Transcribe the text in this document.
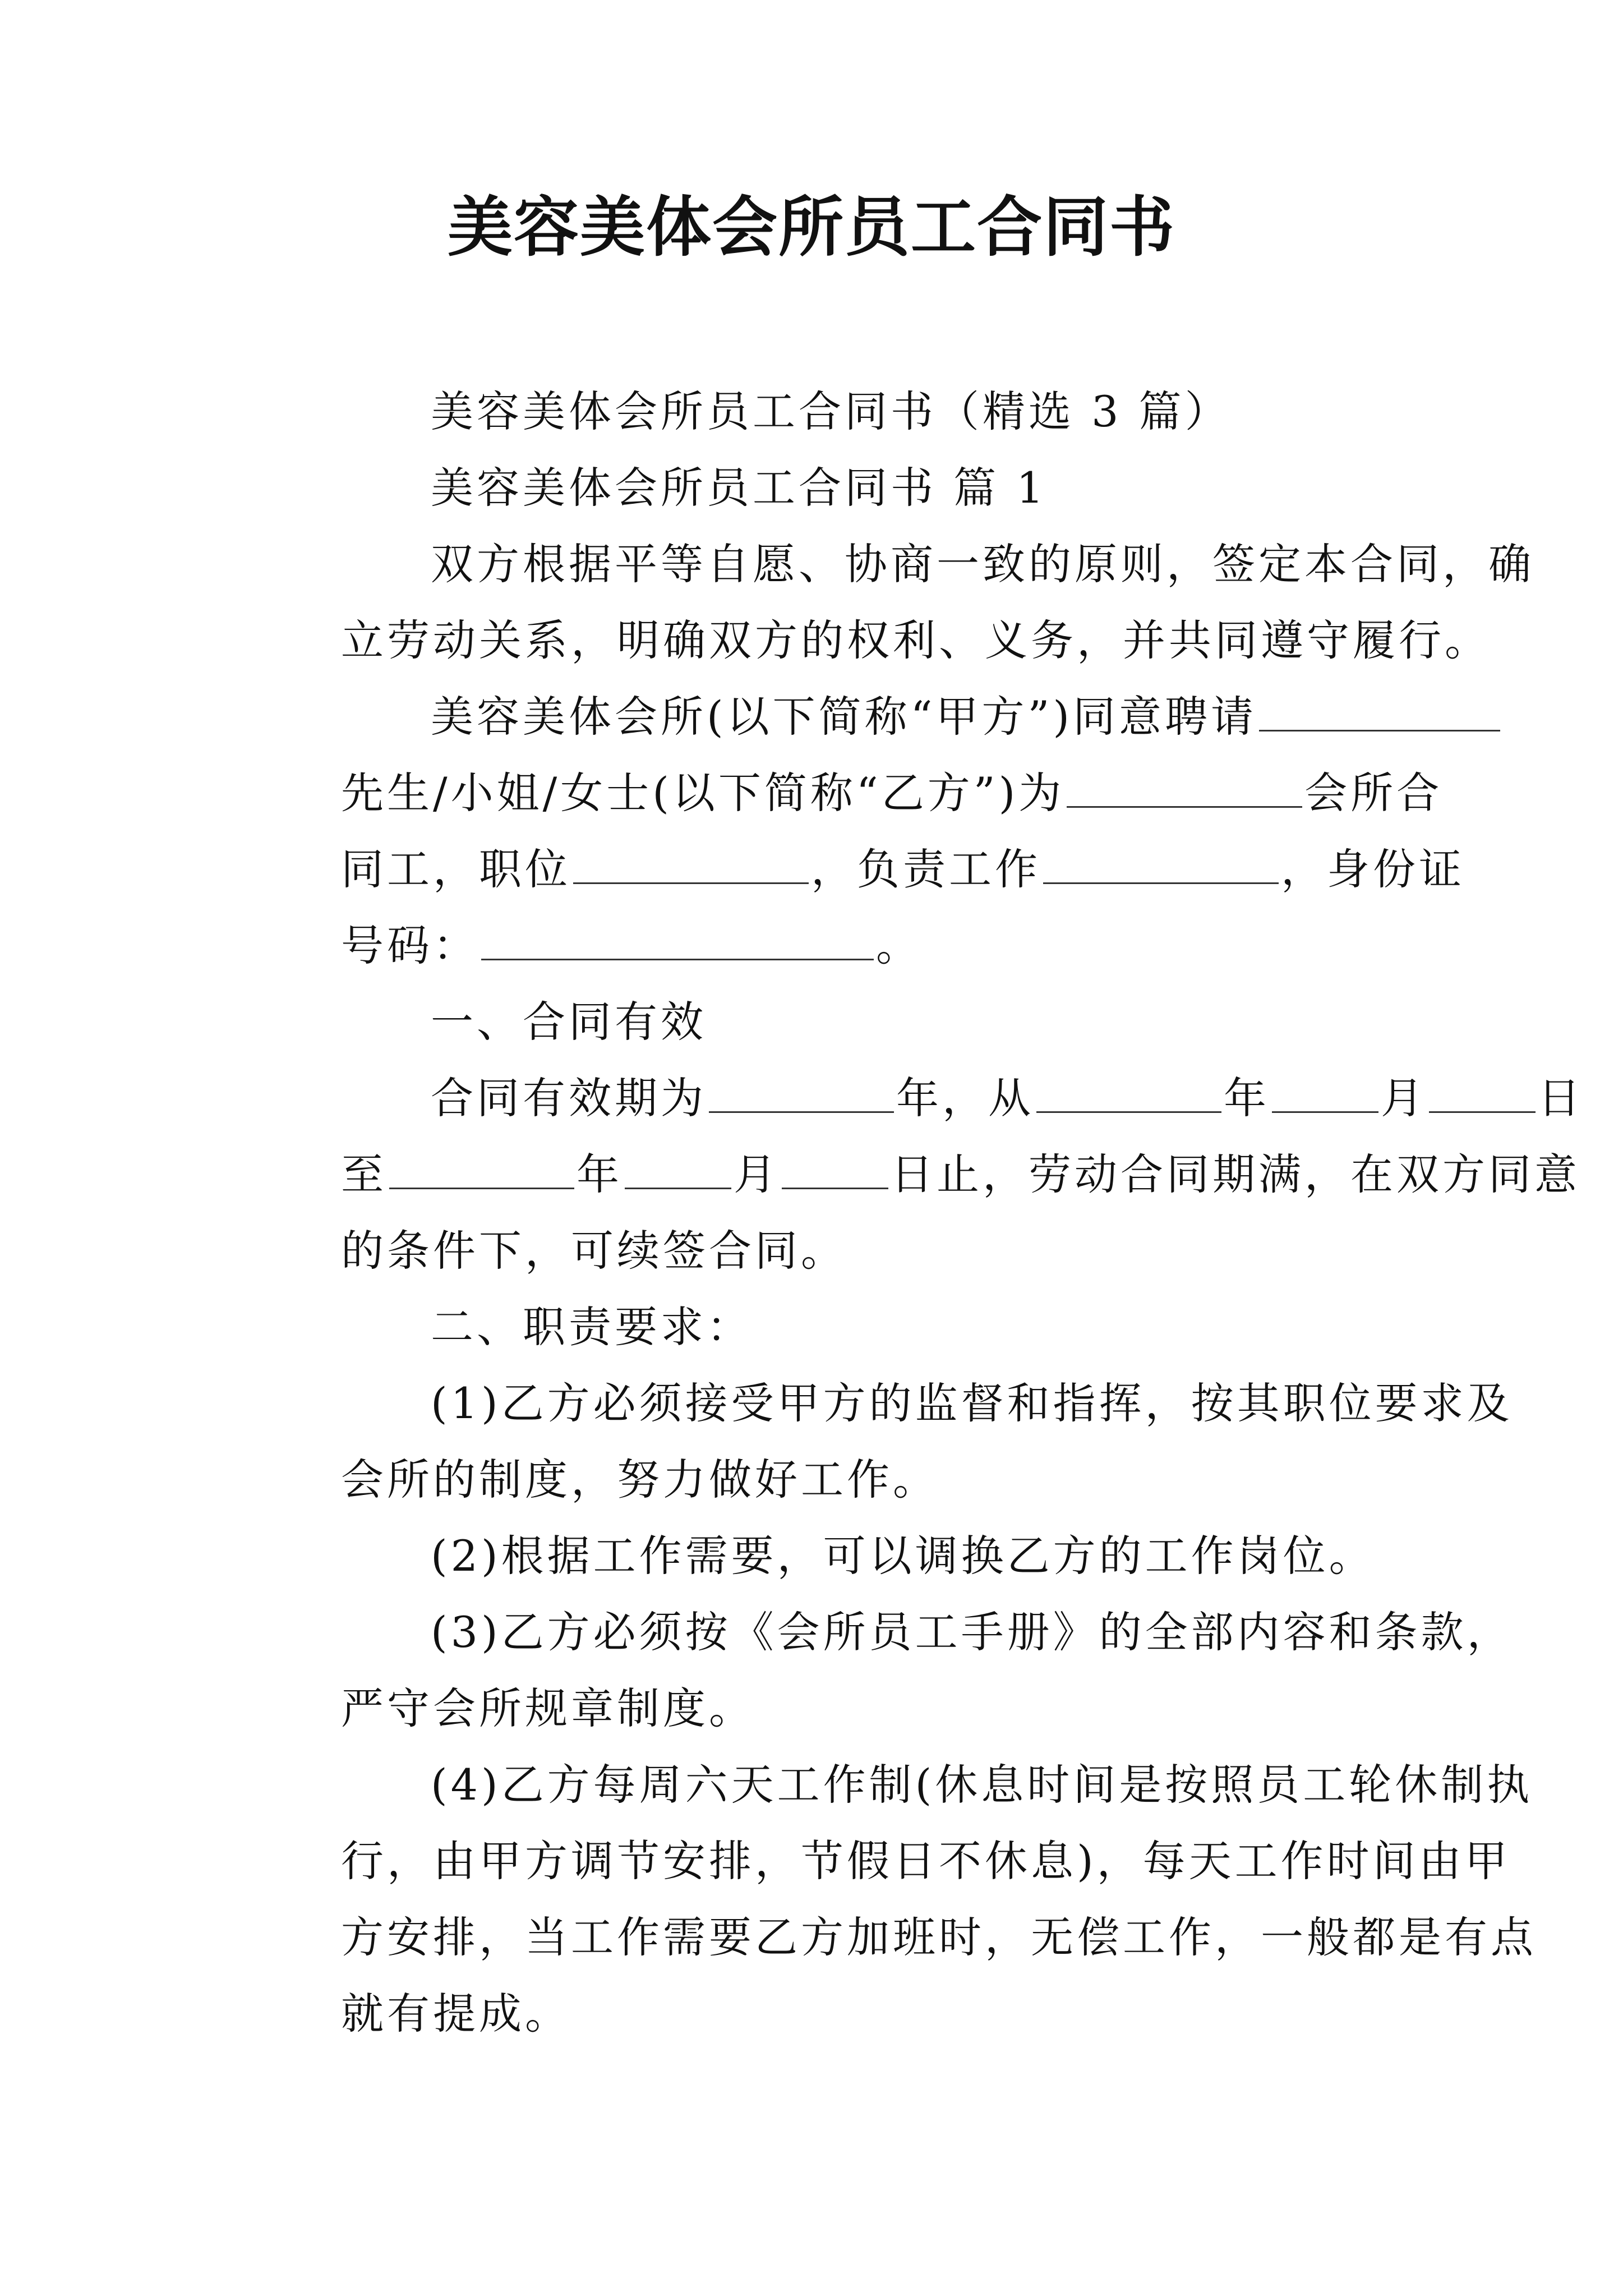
美容美体会所员工合同书
美容美体会所员工合同书（精选 3 篇）
美容美体会所员工合同书 篇 1
双方根据平等自愿、协商一致的原则，签定本合同，确
立劳动关系，明确双方的权利、义务，并共同遵守履行。
美容美体会所(以下简称“甲方”)同意聘请
先生/小姐/女士(以下简称“乙方”)为	会所合
同工，职位	，负责工作	，身份证
号码：	。
一、合同有效
合同有效期为	年，从	年	月	日
至	年	月	日止，劳动合同期满，在双方同意
的条件下，可续签合同。
二、职责要求：
(1)乙方必须接受甲方的监督和指挥，按其职位要求及
会所的制度，努力做好工作。
(2)根据工作需要，可以调换乙方的工作岗位。
(3)乙方必须按《会所员工手册》的全部内容和条款，
严守会所规章制度。
(4)乙方每周六天工作制(休息时间是按照员工轮休制执
行，由甲方调节安排，节假日不休息)，每天工作时间由甲
方安排，当工作需要乙方加班时，无偿工作，一般都是有点
就有提成。
